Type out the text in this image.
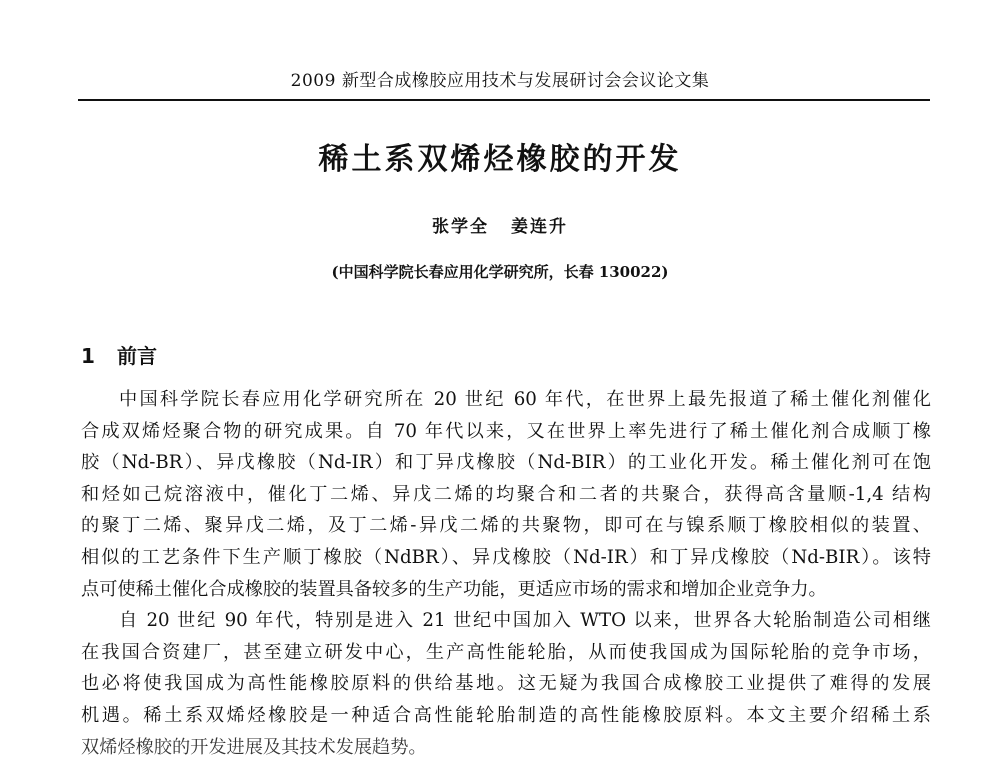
2009 新型合成橡胶应用技术与发展研讨会会议论文集
稀土系双烯烃橡胶的开发
张学全 姜连升
(中国科学院长春应用化学研究所，长春 130022)
1 前言
中国科学院长春应用化学研究所在 20 世纪 60 年代，在世界上最先报道了稀土催化剂催化
合成双烯烃聚合物的研究成果。自 70 年代以来，又在世界上率先进行了稀土催化剂合成顺丁橡
胶（Nd-BR）、异戊橡胶（Nd-IR）和丁异戊橡胶（Nd-BIR）的工业化开发。稀土催化剂可在饱
和烃如己烷溶液中，催化丁二烯、异戊二烯的均聚合和二者的共聚合，获得高含量顺-1,4 结构
的聚丁二烯、聚异戊二烯，及丁二烯-异戊二烯的共聚物，即可在与镍系顺丁橡胶相似的装置、
相似的工艺条件下生产顺丁橡胶（NdBR）、异戊橡胶（Nd-IR）和丁异戊橡胶（Nd-BIR）。该特
点可使稀土催化合成橡胶的装置具备较多的生产功能，更适应市场的需求和增加企业竞争力。
自 20 世纪 90 年代，特别是进入 21 世纪中国加入 WTO 以来，世界各大轮胎制造公司相继
在我国合资建厂，甚至建立研发中心，生产高性能轮胎，从而使我国成为国际轮胎的竞争市场，
也必将使我国成为高性能橡胶原料的供给基地。这无疑为我国合成橡胶工业提供了难得的发展
机遇。稀土系双烯烃橡胶是一种适合高性能轮胎制造的高性能橡胶原料。本文主要介绍稀土系
双烯烃橡胶的开发进展及其技术发展趋势。
